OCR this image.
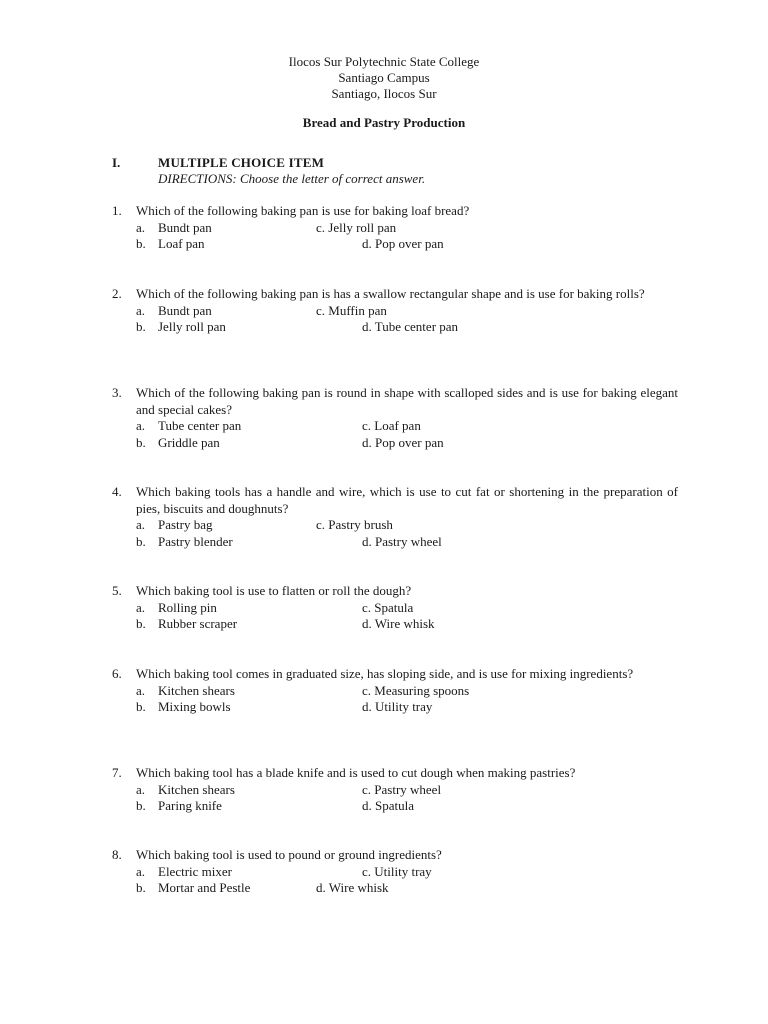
Ilocos Sur Polytechnic State College
Santiago Campus
Santiago, Ilocos Sur
Bread and Pastry Production
I.	MULTIPLE CHOICE ITEM
DIRECTIONS: Choose the letter of correct answer.
1. Which of the following baking pan is use for baking loaf bread?
a. Bundt pan	c. Jelly roll pan
b. Loaf pan	d. Pop over pan
2. Which of the following baking pan is has a swallow rectangular shape and is use for baking rolls?
a. Bundt pan	c. Muffin pan
b. Jelly roll pan	d. Tube center pan
3. Which of the following baking pan is round in shape with scalloped sides and is use for baking elegant and special cakes?
a. Tube center pan	c. Loaf pan
b. Griddle pan	d. Pop over pan
4. Which baking tools has a handle and wire, which is use to cut fat or shortening in the preparation of pies, biscuits and doughnuts?
a. Pastry bag	c. Pastry brush
b. Pastry blender	d. Pastry wheel
5. Which baking tool is use to flatten or roll the dough?
a. Rolling pin	c. Spatula
b. Rubber scraper	d. Wire whisk
6. Which baking tool comes in graduated size, has sloping side, and is use for mixing ingredients?
a. Kitchen shears	c. Measuring spoons
b. Mixing bowls	d. Utility tray
7. Which baking tool has a blade knife and is used to cut dough when making pastries?
a. Kitchen shears	c. Pastry wheel
b. Paring knife	d. Spatula
8. Which baking tool is used to pound or ground ingredients?
a. Electric mixer	c. Utility tray
b. Mortar and Pestle	d. Wire whisk
